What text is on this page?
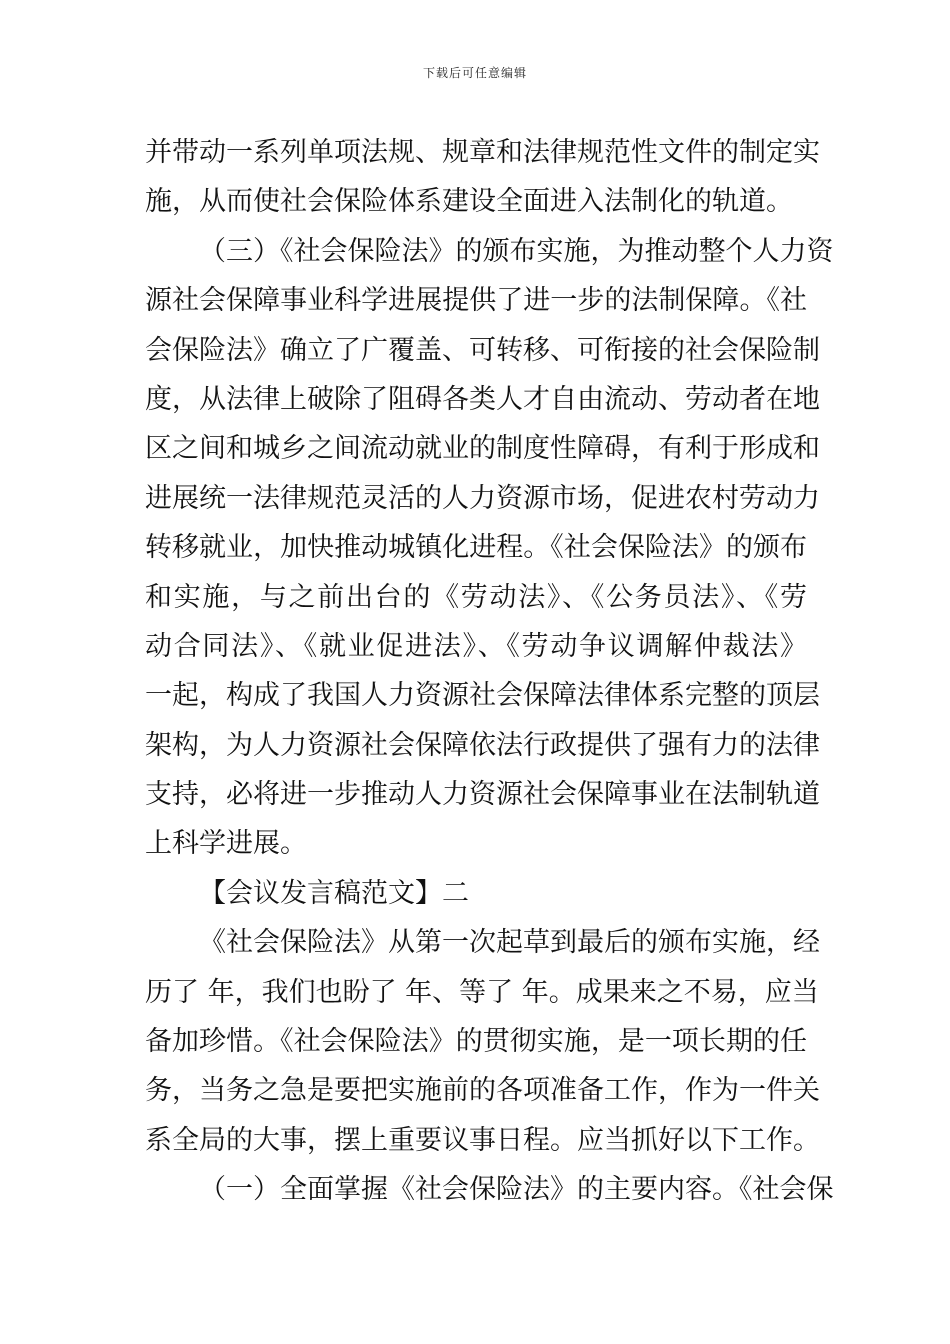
下载后可任意编辑
并带动一系列单项法规、规章和法律规范性文件的制定实
施，从而使社会保险体系建设全面进入法制化的轨道。
（三）《社会保险法》的颁布实施，为推动整个人力资
源社会保障事业科学进展提供了进一步的法制保障。《社
会保险法》确立了广覆盖、可转移、可衔接的社会保险制
度，从法律上破除了阻碍各类人才自由流动、劳动者在地
区之间和城乡之间流动就业的制度性障碍，有利于形成和
进展统一法律规范灵活的人力资源市场，促进农村劳动力
转移就业，加快推动城镇化进程。《社会保险法》的颁布
和实施，与之前出台的《劳动法》、《公务员法》、《劳
动合同法》、《就业促进法》、《劳动争议调解仲裁法》
一起，构成了我国人力资源社会保障法律体系完整的顶层
架构，为人力资源社会保障依法行政提供了强有力的法律
支持，必将进一步推动人力资源社会保障事业在法制轨道
上科学进展。
【会议发言稿范文】二
《社会保险法》从第一次起草到最后的颁布实施，经
历了 年，我们也盼了 年、等了 年。成果来之不易，应当
备加珍惜。《社会保险法》的贯彻实施，是一项长期的任
务，当务之急是要把实施前的各项准备工作，作为一件关
系全局的大事，摆上重要议事日程。应当抓好以下工作。
（一）全面掌握《社会保险法》的主要内容。《社会保
